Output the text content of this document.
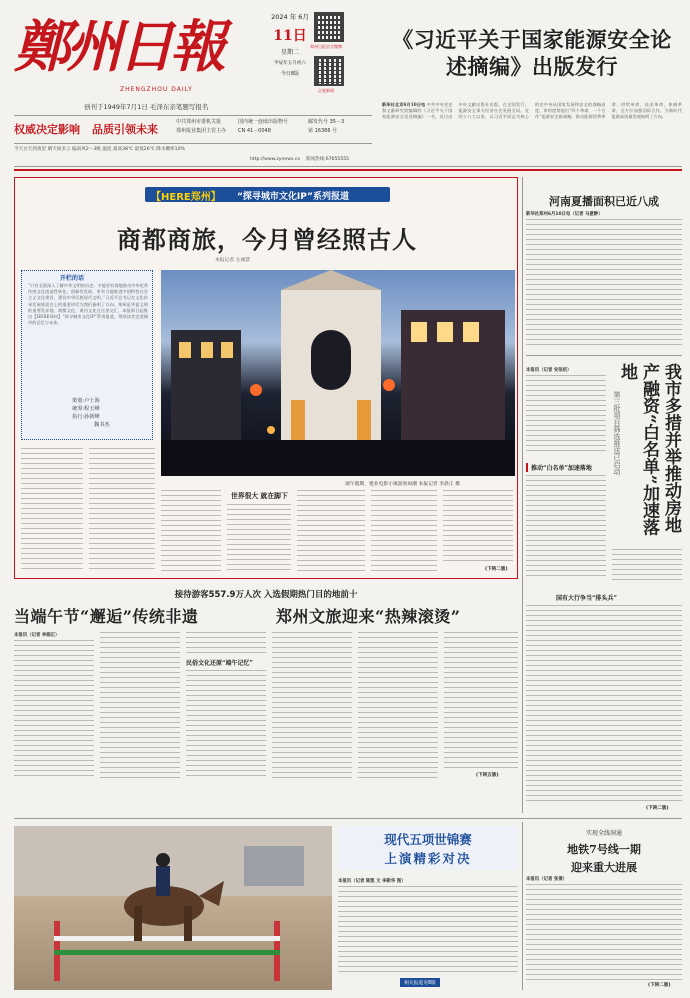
鄭州日報
ZHENGZHOU DAILY
创刊于1949年7月1日 毛泽东亲笔题写报名
权威决定影响 品质引领未来
中共郑州市委机关报
郑州报业集团主管主办
国内统一连续出版物号
CN 41－0048
邮发代号 35－3
第 16386 号
2024 年 6月
11日
星期二
甲辰年五月初六
今日8版
郑州日报官方微博
正观新闻
今天白天到夜里 晴天间多云 偏南风2～3级 温度 最高38℃ 最低26℃ 降水概率10%
http://www.zynews.cn 新闻热线:67655555
《习近平关于国家能源安全论述摘编》出版发行
新华社北京6月10日电 中共中央党史和文献研究院编辑的《习近平关于国家能源安全论述摘编》一书，近日由中央文献出版社出版，在全国发行。能源安全事关经济社会发展全局。党的十八大以来，以习近平同志为核心的党中央从国家发展和安全的战略高度，审时度势提出“四个革命、一个合作”能源安全新战略，推动能源消费革命、供给革命、技术革命、体制革命，全方位加强国际合作，为新时代能源高质量发展指明了方向。
【HERE郑州】 “探寻城市文化IP”系列报道
商都商旅，今月曾经照古人
本报记者 左丽慧
开栏的话
“只有全面深入了解中华文明的历史，才能更有效地推动中华优秀传统文化创造性转化、创新性发展，更有力地推进中国特色社会主义文化建设，建设中华民族现代文明。”习近平总书记在文化传承发展座谈会上的重要讲话为我们指明了方向。郑州是华夏文明的重要发祥地，商都文化、黄河文化在这里交汇，本报即日起推出【HERE郑州】“探寻城市文化IP”系列报道，带领读者走进城市的记忆与未来。
策划:卢士海
统筹:程玉峰
执行:孙新峰
魏书杰
端午假期，建业电影小镇游客如潮 本报记者 李晨正 摄
世界很大 就在脚下
(下转二版)
河南夏播面积已近八成
新华社郑州6月10日电（记者 马意翀）
本报讯（记者 安依依）	我市多措并举推动房地产融资“白名单”加速落地
第三批项目筛选推送已启动
推动“白名单”加速落地
国有大行争当“排头兵”
(下转二版)
接待游客557.9万人次 入选假期热门目的地前十
当端午节“邂逅”传统非遗	郑州文旅迎来“热辣滚烫”
本报讯（记者 李娟正）
民俗文化还原“端午记忆”
(下转五版)
现代五项世锦赛
上演精彩对决
本报讯（记者 陈凯 文 李新华 图）
相关报道见8版
实现全线洞通
地铁7号线一期
迎来重大进展
本报讯（记者 张倩）
(下转二版)
